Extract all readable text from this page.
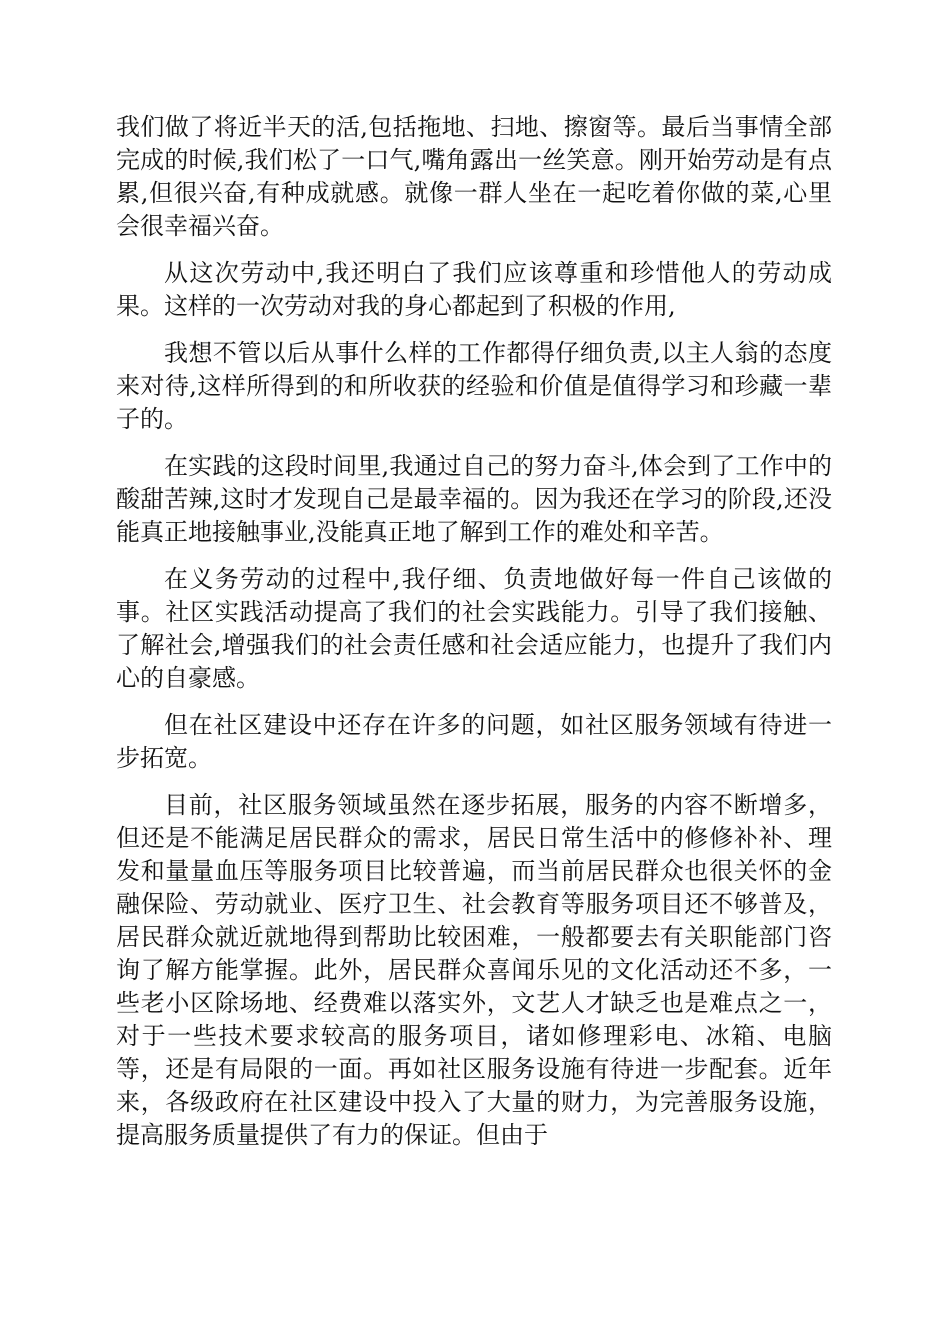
我们做了将近半天的活,包括拖地、扫地、擦窗等。最后当事情全部完成的时候,我们松了一口气,嘴角露出一丝笑意。刚开始劳动是有点累,但很兴奋,有种成就感。就像一群人坐在一起吃着你做的菜,心里会很幸福兴奋。

从这次劳动中,我还明白了我们应该尊重和珍惜他人的劳动成果。这样的一次劳动对我的身心都起到了积极的作用,

我想不管以后从事什么样的工作都得仔细负责,以主人翁的态度来对待,这样所得到的和所收获的经验和价值是值得学习和珍藏一辈子的。

在实践的这段时间里,我通过自己的努力奋斗,体会到了工作中的酸甜苦辣,这时才发现自己是最幸福的。因为我还在学习的阶段,还没能真正地接触事业,没能真正地了解到工作的难处和辛苦。

在义务劳动的过程中,我仔细、负责地做好每一件自己该做的事。社区实践活动提高了我们的社会实践能力。引导了我们接触、了解社会,增强我们的社会责任感和社会适应能力，也提升了我们内心的自豪感。

但在社区建设中还存在许多的问题，如社区服务领域有待进一步拓宽。

目前，社区服务领域虽然在逐步拓展，服务的内容不断增多，但还是不能满足居民群众的需求，居民日常生活中的修修补补、理发和量量血压等服务项目比较普遍，而当前居民群众也很关怀的金融保险、劳动就业、医疗卫生、社会教育等服务项目还不够普及，居民群众就近就地得到帮助比较困难，一般都要去有关职能部门咨询了解方能掌握。此外，居民群众喜闻乐见的文化活动还不多，一些老小区除场地、经费难以落实外，文艺人才缺乏也是难点之一，对于一些技术要求较高的服务项目，诸如修理彩电、冰箱、电脑等，还是有局限的一面。再如社区服务设施有待进一步配套。近年来，各级政府在社区建设中投入了大量的财力，为完善服务设施，提高服务质量提供了有力的保证。但由于
